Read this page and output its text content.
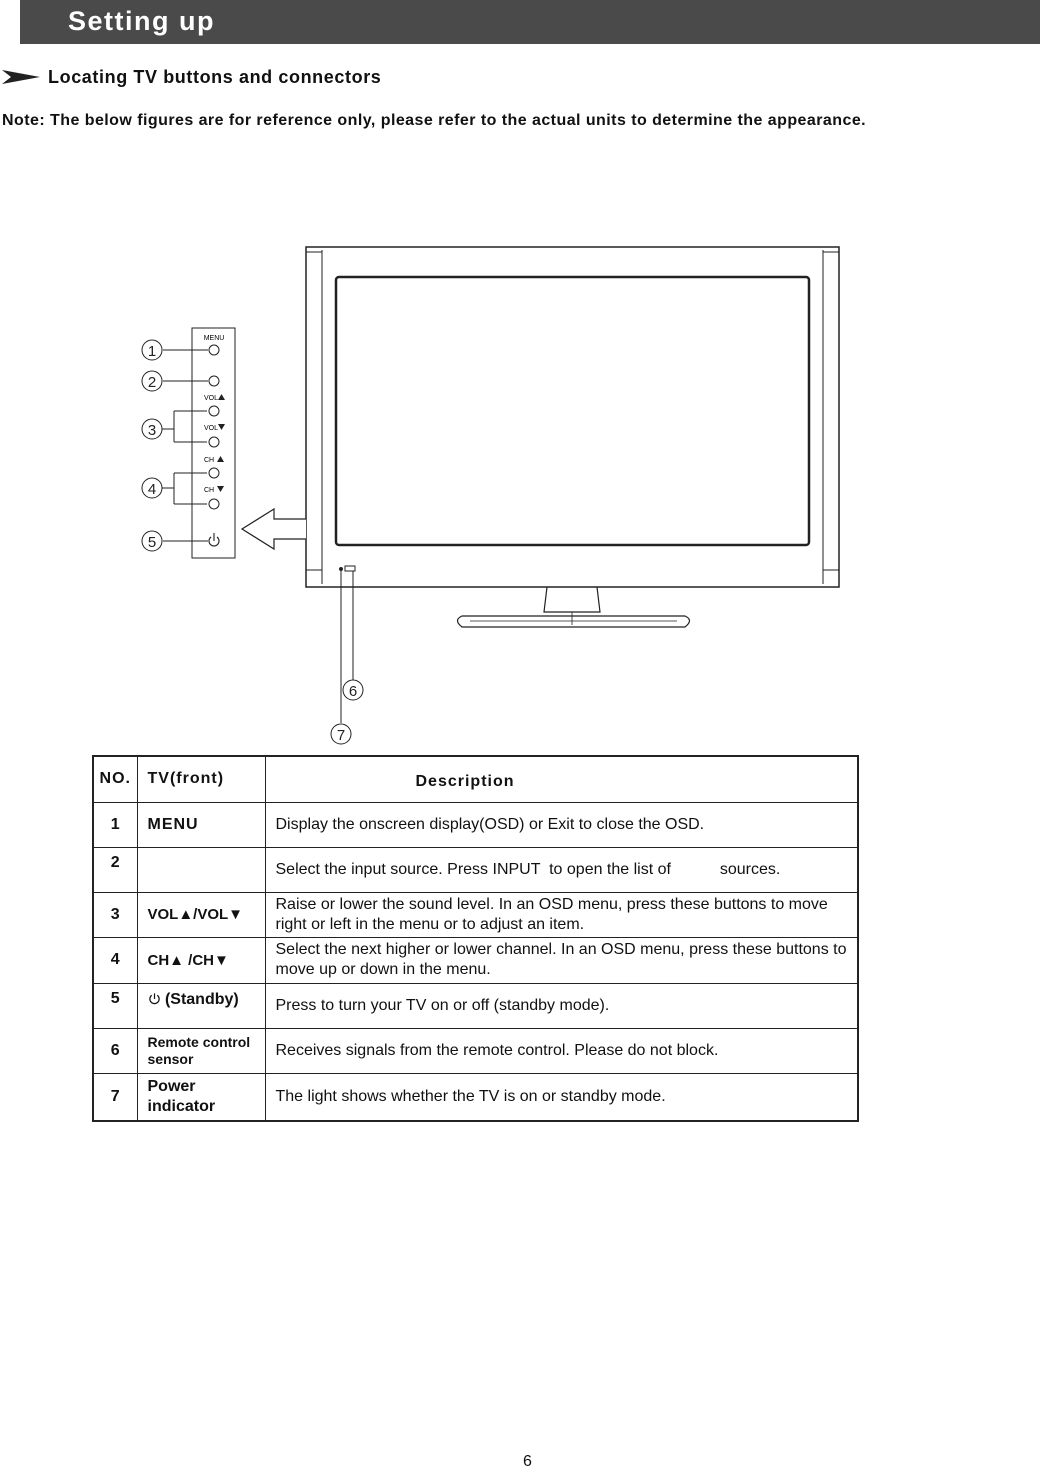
Setting up
Locating TV buttons and connectors
Note: The below figures are for reference only, please refer to the actual units to determine the appearance.
MENU
VOL
VOL
CH
CH
1
2
3
4
5
6
7
NO.	TV(front)	Description
1	MENU	Display the onscreen display(OSD) or Exit to close the OSD.
2		Select the input source. Press INPUT  to open the list of           sources.
3	VOL▲/VOL▼	Raise or lower the sound level. In an OSD menu, press these buttons to move right or left in the menu or to adjust an item.
4	CH▲ /CH▼	Select the next higher or lower channel. In an OSD menu, press these buttons to move up or down in the menu.
5	(Standby)	Press to turn your TV on or off (standby mode).
6	Remote control sensor	Receives signals from the remote control. Please do not block.
7	Power indicator	The light shows whether the TV is on or standby mode.
6
